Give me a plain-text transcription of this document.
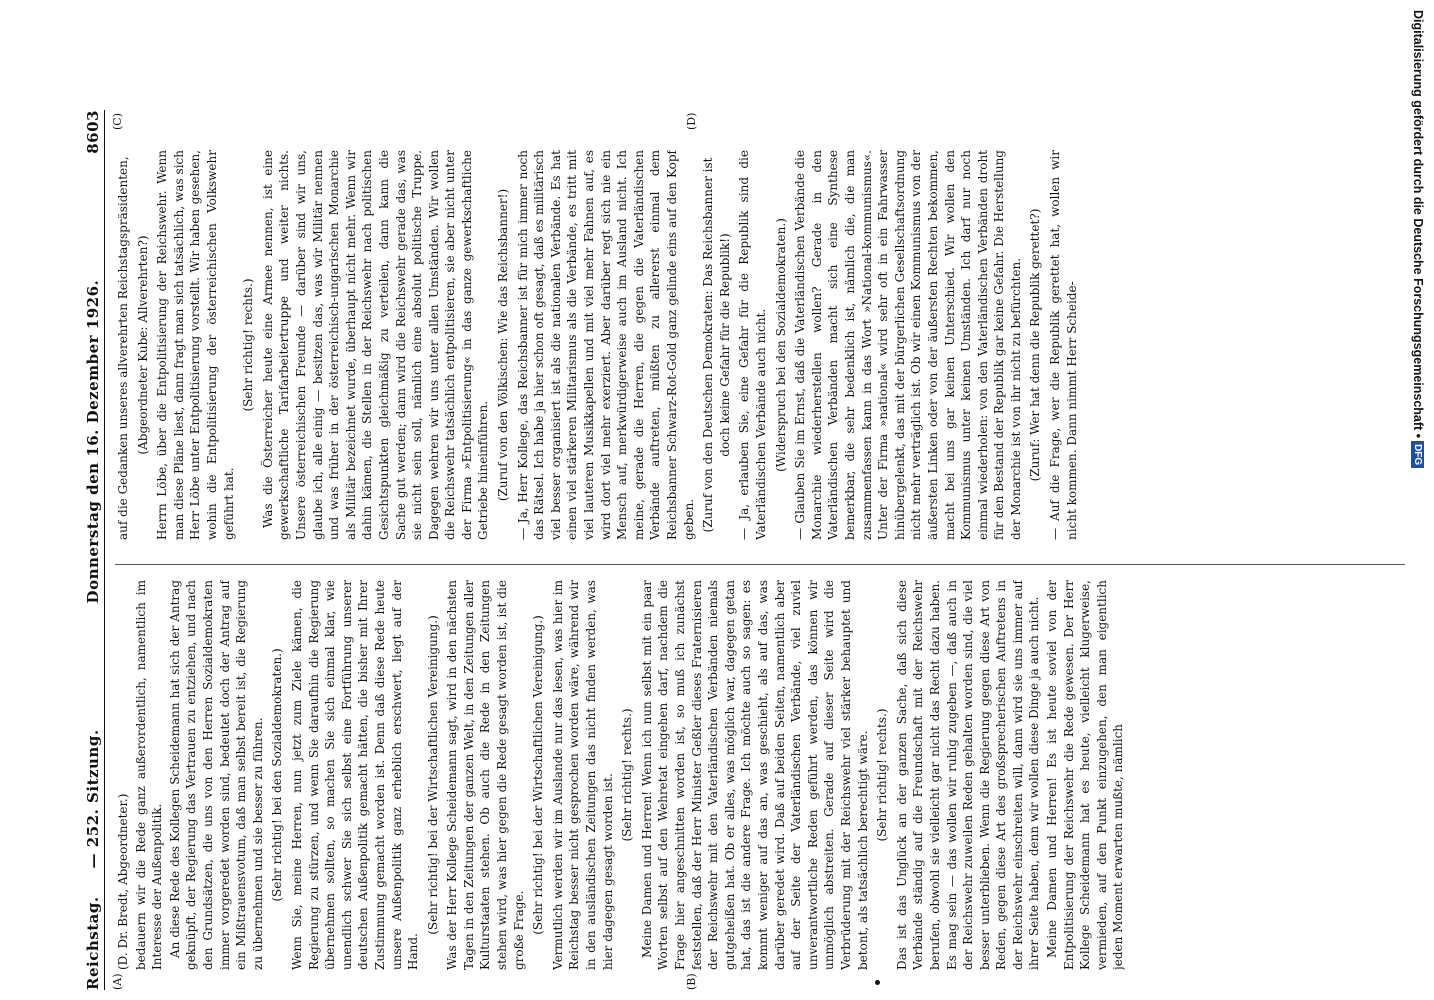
Reichstag.
— 252. Sitzung.
Donnerstag den 16. Dezember 1926.
8603

(D. Dr. Bredt, Abgeordneter.) bedauern wir die Rede ganz außerordentlich, namentlich im Interesse der Außenpolitik. An diese Rede des Kollegen Scheidemann hat sich der Antrag geknüpft, der Regierung das Vertrauen zu entziehen, und nach den Grundsätzen, die uns von den Herren Sozialdemokraten immer vorgeredet worden sind, bedeutet doch der Antrag auf ein Mißtrauensvotum, daß man selbst bereit ist, die Regierung zu übernehmen und sie besser zu führen. (Sehr richtig! bei den Sozialdemokraten.) Wenn Sie, meine Herren, nun jetzt zum Ziele kämen, die Regierung zu stürzen, und wenn Sie daraufhin die Regierung übernehmen sollten, so machen Sie sich einmal klar, wie unendlich schwer Sie sich selbst eine Fortführung unserer deutschen Außenpolitik gemacht hätten, die bisher mit Ihrer Zustimmung gemacht worden ist. Denn daß diese Rede heute unsere Außenpolitik ganz erheblich erschwert, liegt auf der Hand.

(Sehr richtig! bei der Wirtschaftlichen Vereinigung.) Was der Herr Kollege Scheidemann sagt, wird in den nächsten Tagen in den Zeitungen der ganzen Welt, in den Zeitungen aller Kulturstaaten stehen. Ob auch die Rede in den Zeitungen stehen wird, was hier gegen die Rede gesagt worden ist, ist die große Frage. (Sehr richtig! bei der Wirtschaftlichen Vereinigung.) Vermutlich werden wir im Auslande nur das lesen, was hier im Reichstag besser nicht gesprochen worden wäre, während wir in den ausländischen Zeitungen das nicht finden werden, was hier dagegen gesagt worden ist. (Sehr richtig! rechts.) Meine Damen und Herren! Wenn ich nun selbst mit ein paar Worten selbst auf den Wehretat eingehen darf, nachdem die Frage hier angeschnitten worden ist, so muß ich zunächst feststellen, daß der Herr Minister Geßler dieses Fraternisieren der Reichswehr mit den Vaterländischen Verbänden niemals gutgeheißen hat. Ob er alles, was möglich war, dagegen getan hat, das ist die andere Frage. Ich möchte auch so sagen: es kommt weniger auf das an, was geschieht, als auf das, was darüber geredet wird. Daß auf beiden Seiten, namentlich aber auf der Seite der Vaterländischen Verbände, viel zuviel unverantwortliche Reden geführt werden, das können wir unmöglich abstreiten. Gerade auf dieser Seite wird die Verbrüderung mit der Reichswehr viel stärker behauptet und betont, als tatsächlich berechtigt wäre. (Sehr richtig! rechts.) Das ist das Unglück an der ganzen Sache, daß sich diese Verbände ständig auf die Freundschaft mit der Reichswehr berufen, obwohl sie vielleicht gar nicht das Recht dazu haben. Es mag sein — das wollen wir ruhig zugeben —, daß auch in der Reichswehr zuweilen Reden gehalten worden sind, die viel besser unterblieben. Wenn die Regierung gegen diese Art von Reden, gegen diese Art des großsprecherischen Auftretens in der Reichswehr einschreiten will, dann wird sie uns immer auf ihrer Seite haben, denn wir wollen diese Dinge ja auch nicht. Meine Damen und Herren! Es ist heute soviel von der Entpolitisierung der Reichswehr die Rede gewesen. Der Herr Kollege Scheidemann hat es heute, vielleicht klugerweise, vermieden, auf den Punkt einzugehen, den man eigentlich jeden Moment erwarten mußte, nämlich

auf die Gedanken unseres allverehrten Reichstagspräsidenten, (Abgeordneter Kube: Allverehrten?) Herrn Löbe, über die Entpolitisierung der Reichswehr. Wenn man diese Pläne liest, dann fragt man sich tatsächlich, was sich Herr Löbe unter Entpolitisierung vorstellt. Wir haben gesehen, wohin die Entpolitisierung der österreichischen Volkswehr geführt hat.

(Sehr richtig! rechts.) Was die Österreicher heute eine Armee nennen, ist eine gewerkschaftliche Tarifarbeitertruppe und weiter nichts. Unsere österreichischen Freunde — darüber sind wir uns, glaube ich, alle einig — besitzen das, was wir Militär nennen und was früher in der österreichisch-ungarischen Monarchie als Militär bezeichnet wurde, überhaupt nicht mehr. Wenn wir dahin kämen, die Stellen in der Reichswehr nach politischen Gesichtspunkten gleichmäßig zu verteilen, dann kann die Sache gut werden; dann wird die Reichswehr gerade das, was sie nicht sein soll, nämlich eine absolut politische Truppe. Dagegen wehren wir uns unter allen Umständen. Wir wollen die Reichswehr tatsächlich entpolitisieren, sie aber nicht unter der Firma »Entpolitisierung« in das ganze gewerkschaftliche Getriebe hineinführen. (Zuruf von den Völkischen: Wie das Reichsbanner!) — Ja, Herr Kollege, das Reichsbanner ist für mich immer noch das Rätsel. Ich habe ja hier schon oft gesagt, daß es militärisch viel besser organisiert ist als die nationalen Verbände. Es hat einen viel stärkeren Militarismus als die Verbände, es tritt mit viel lauteren Musikkapellen und mit viel mehr Fahnen auf, es wird dort viel mehr exerziert. Aber darüber regt sich nie ein Mensch auf, merkwürdigerweise auch im Ausland nicht. Ich meine, gerade die Herren, die gegen die Vaterländischen Verbände auftreten, müßten zu allererst einmal dem Reichsbanner Schwarz-Rot-Gold ganz gelinde eins auf den Kopf geben. (Zuruf von den Deutschen Demokraten: Das Reichsbanner ist doch keine Gefahr für die Republik!) — Ja, erlauben Sie, eine Gefahr für die Republik sind die Vaterländischen Verbände auch nicht. (Widerspruch bei den Sozialdemokraten.) — Glauben Sie im Ernst, daß die Vaterländischen Verbände die Monarchie wiederherstellen wollen? Gerade in den Vaterländischen Verbänden macht sich eine Synthese bemerkbar, die sehr bedenklich ist, nämlich die, die man zusammenfassen kann in das Wort »National-kommunismus«. Unter der Firma »national« wird sehr oft in ein Fahrwasser hinübergelenkt, das mit der bürgerlichen Gesellschaftsordnung nicht mehr verträglich ist. Ob wir einen Kommunismus von der äußersten Linken oder von der äußersten Rechten bekommen, macht bei uns gar keinen Unterschied. Wir wollen den Kommunismus unter keinen Umständen. Ich darf nur noch einmal wiederholen: von den Vaterländischen Verbänden droht für den Bestand der Republik gar keine Gefahr. Die Herstellung der Monarchie ist von ihr nicht zu befürchten. (Zuruf: Wer hat denn die Republik gerettet?) — Auf die Frage, wer die Republik gerettet hat, wollen wir nicht kommen. Dann nimmt Herr Scheide-

(A)	(B)
(C)	(D)	Digitalisierung gefördert durch die Deutsche Forschungsgemeinschaft •
DFG
